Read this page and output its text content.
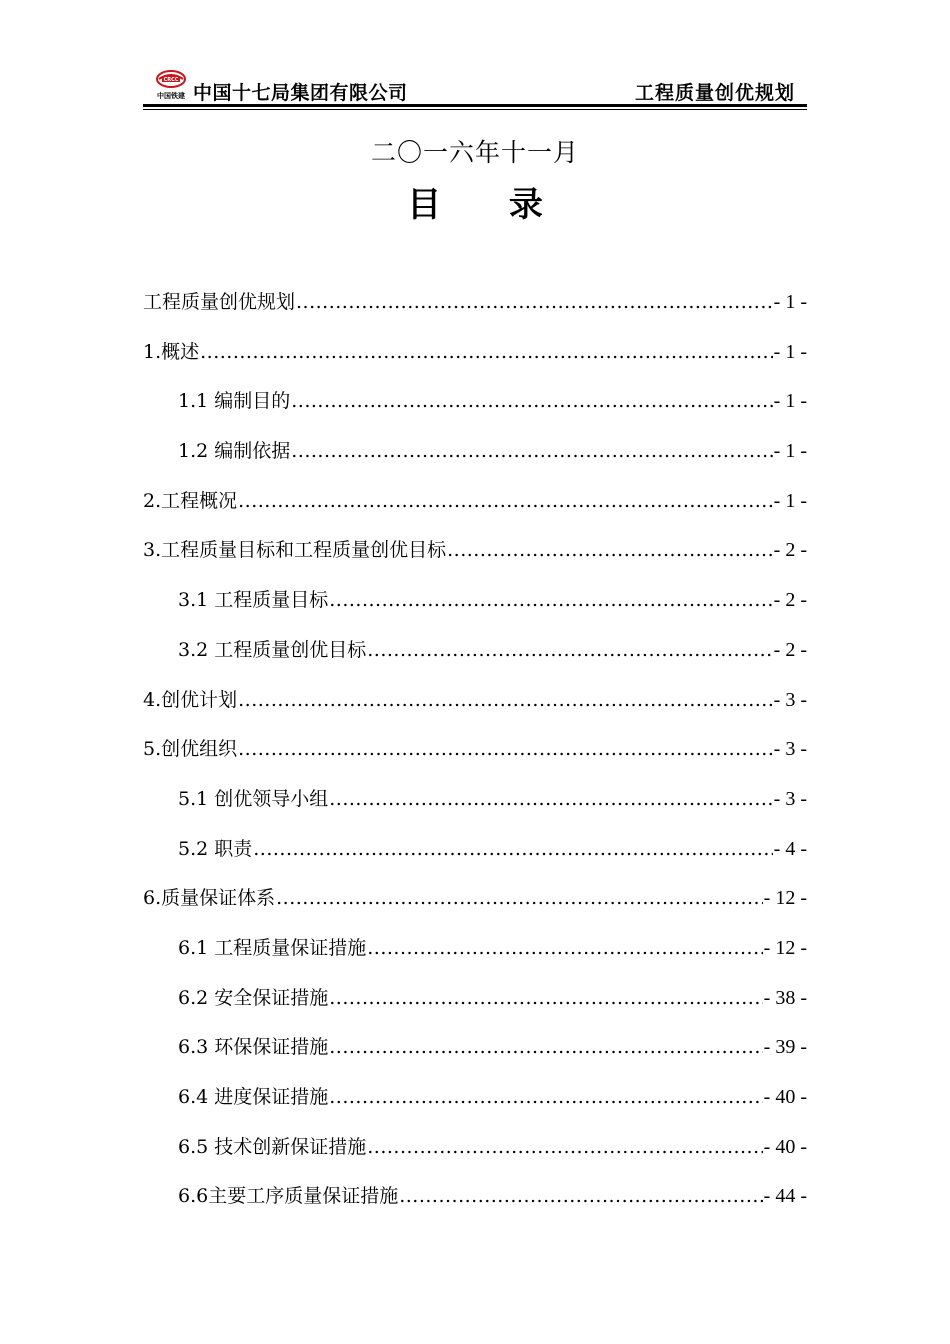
CRCC
中国铁建 中国十七局集团有限公司	工程质量创优规划
二〇一六年十一月
目 录
工程质量创优规划 .....	- 1 -
1.概述 .....	- 1 -
1.1 编制目的 .....	- 1 -
1.2 编制依据 .....	- 1 -
2.工程概况 .....	- 1 -
3.工程质量目标和工程质量创优目标 .....	- 2 -
3.1 工程质量目标 .....	- 2 -
3.2 工程质量创优目标 .....	- 2 -
4.创优计划 .....	- 3 -
5.创优组织 .....	- 3 -
5.1 创优领导小组 .....	- 3 -
5.2 职责 .....	- 4 -
6.质量保证体系 .....	- 12 -
6.1 工程质量保证措施 .....	- 12 -
6.2 安全保证措施 .....	- 38 -
6.3 环保保证措施 .....	- 39 -
6.4 进度保证措施 .....	- 40 -
6.5 技术创新保证措施 .....	- 40 -
6.6主要工序质量保证措施 .....	- 44 -
